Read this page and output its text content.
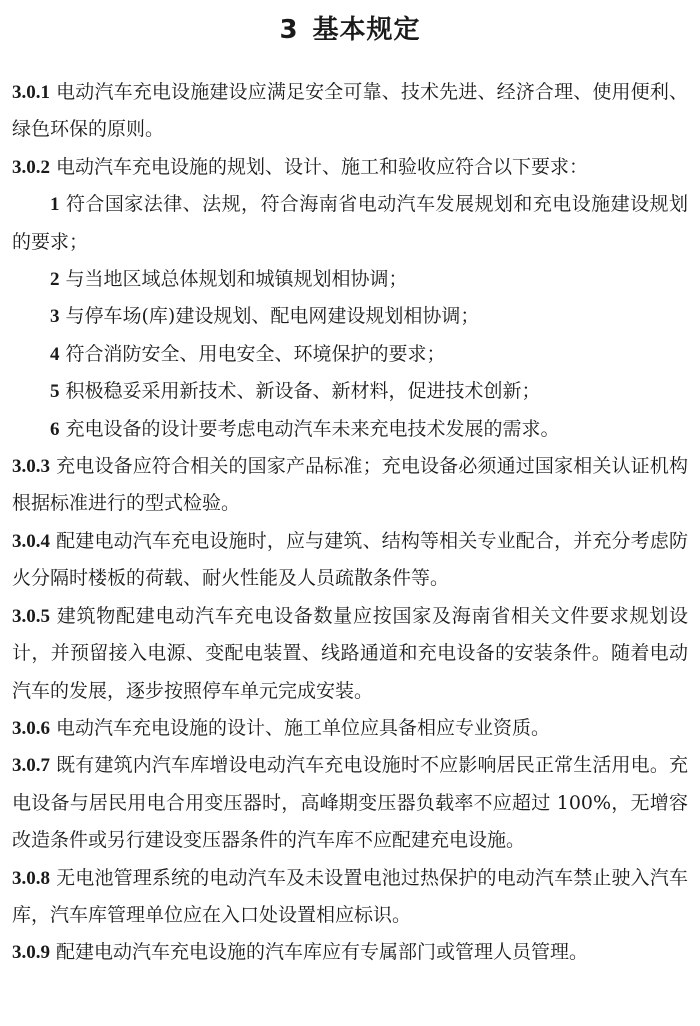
3 基本规定

3.0.1 电动汽车充电设施建设应满足安全可靠、技术先进、经济合理、使用便利、绿色环保的原则。

3.0.2 电动汽车充电设施的规划、设计、施工和验收应符合以下要求：

1 符合国家法律、法规，符合海南省电动汽车发展规划和充电设施建设规划的要求；

2 与当地区域总体规划和城镇规划相协调；

3 与停车场(库)建设规划、配电网建设规划相协调；

4 符合消防安全、用电安全、环境保护的要求；

5 积极稳妥采用新技术、新设备、新材料，促进技术创新；

6 充电设备的设计要考虑电动汽车未来充电技术发展的需求。

3.0.3 充电设备应符合相关的国家产品标准；充电设备必须通过国家相关认证机构根据标准进行的型式检验。

3.0.4 配建电动汽车充电设施时，应与建筑、结构等相关专业配合，并充分考虑防火分隔时楼板的荷载、耐火性能及人员疏散条件等。

3.0.5 建筑物配建电动汽车充电设备数量应按国家及海南省相关文件要求规划设计，并预留接入电源、变配电装置、线路通道和充电设备的安装条件。随着电动汽车的发展，逐步按照停车单元完成安装。

3.0.6 电动汽车充电设施的设计、施工单位应具备相应专业资质。

3.0.7 既有建筑内汽车库增设电动汽车充电设施时不应影响居民正常生活用电。充电设备与居民用电合用变压器时，高峰期变压器负载率不应超过 100%，无增容改造条件或另行建设变压器条件的汽车库不应配建充电设施。

3.0.8 无电池管理系统的电动汽车及未设置电池过热保护的电动汽车禁止驶入汽车库，汽车库管理单位应在入口处设置相应标识。

3.0.9 配建电动汽车充电设施的汽车库应有专属部门或管理人员管理。
